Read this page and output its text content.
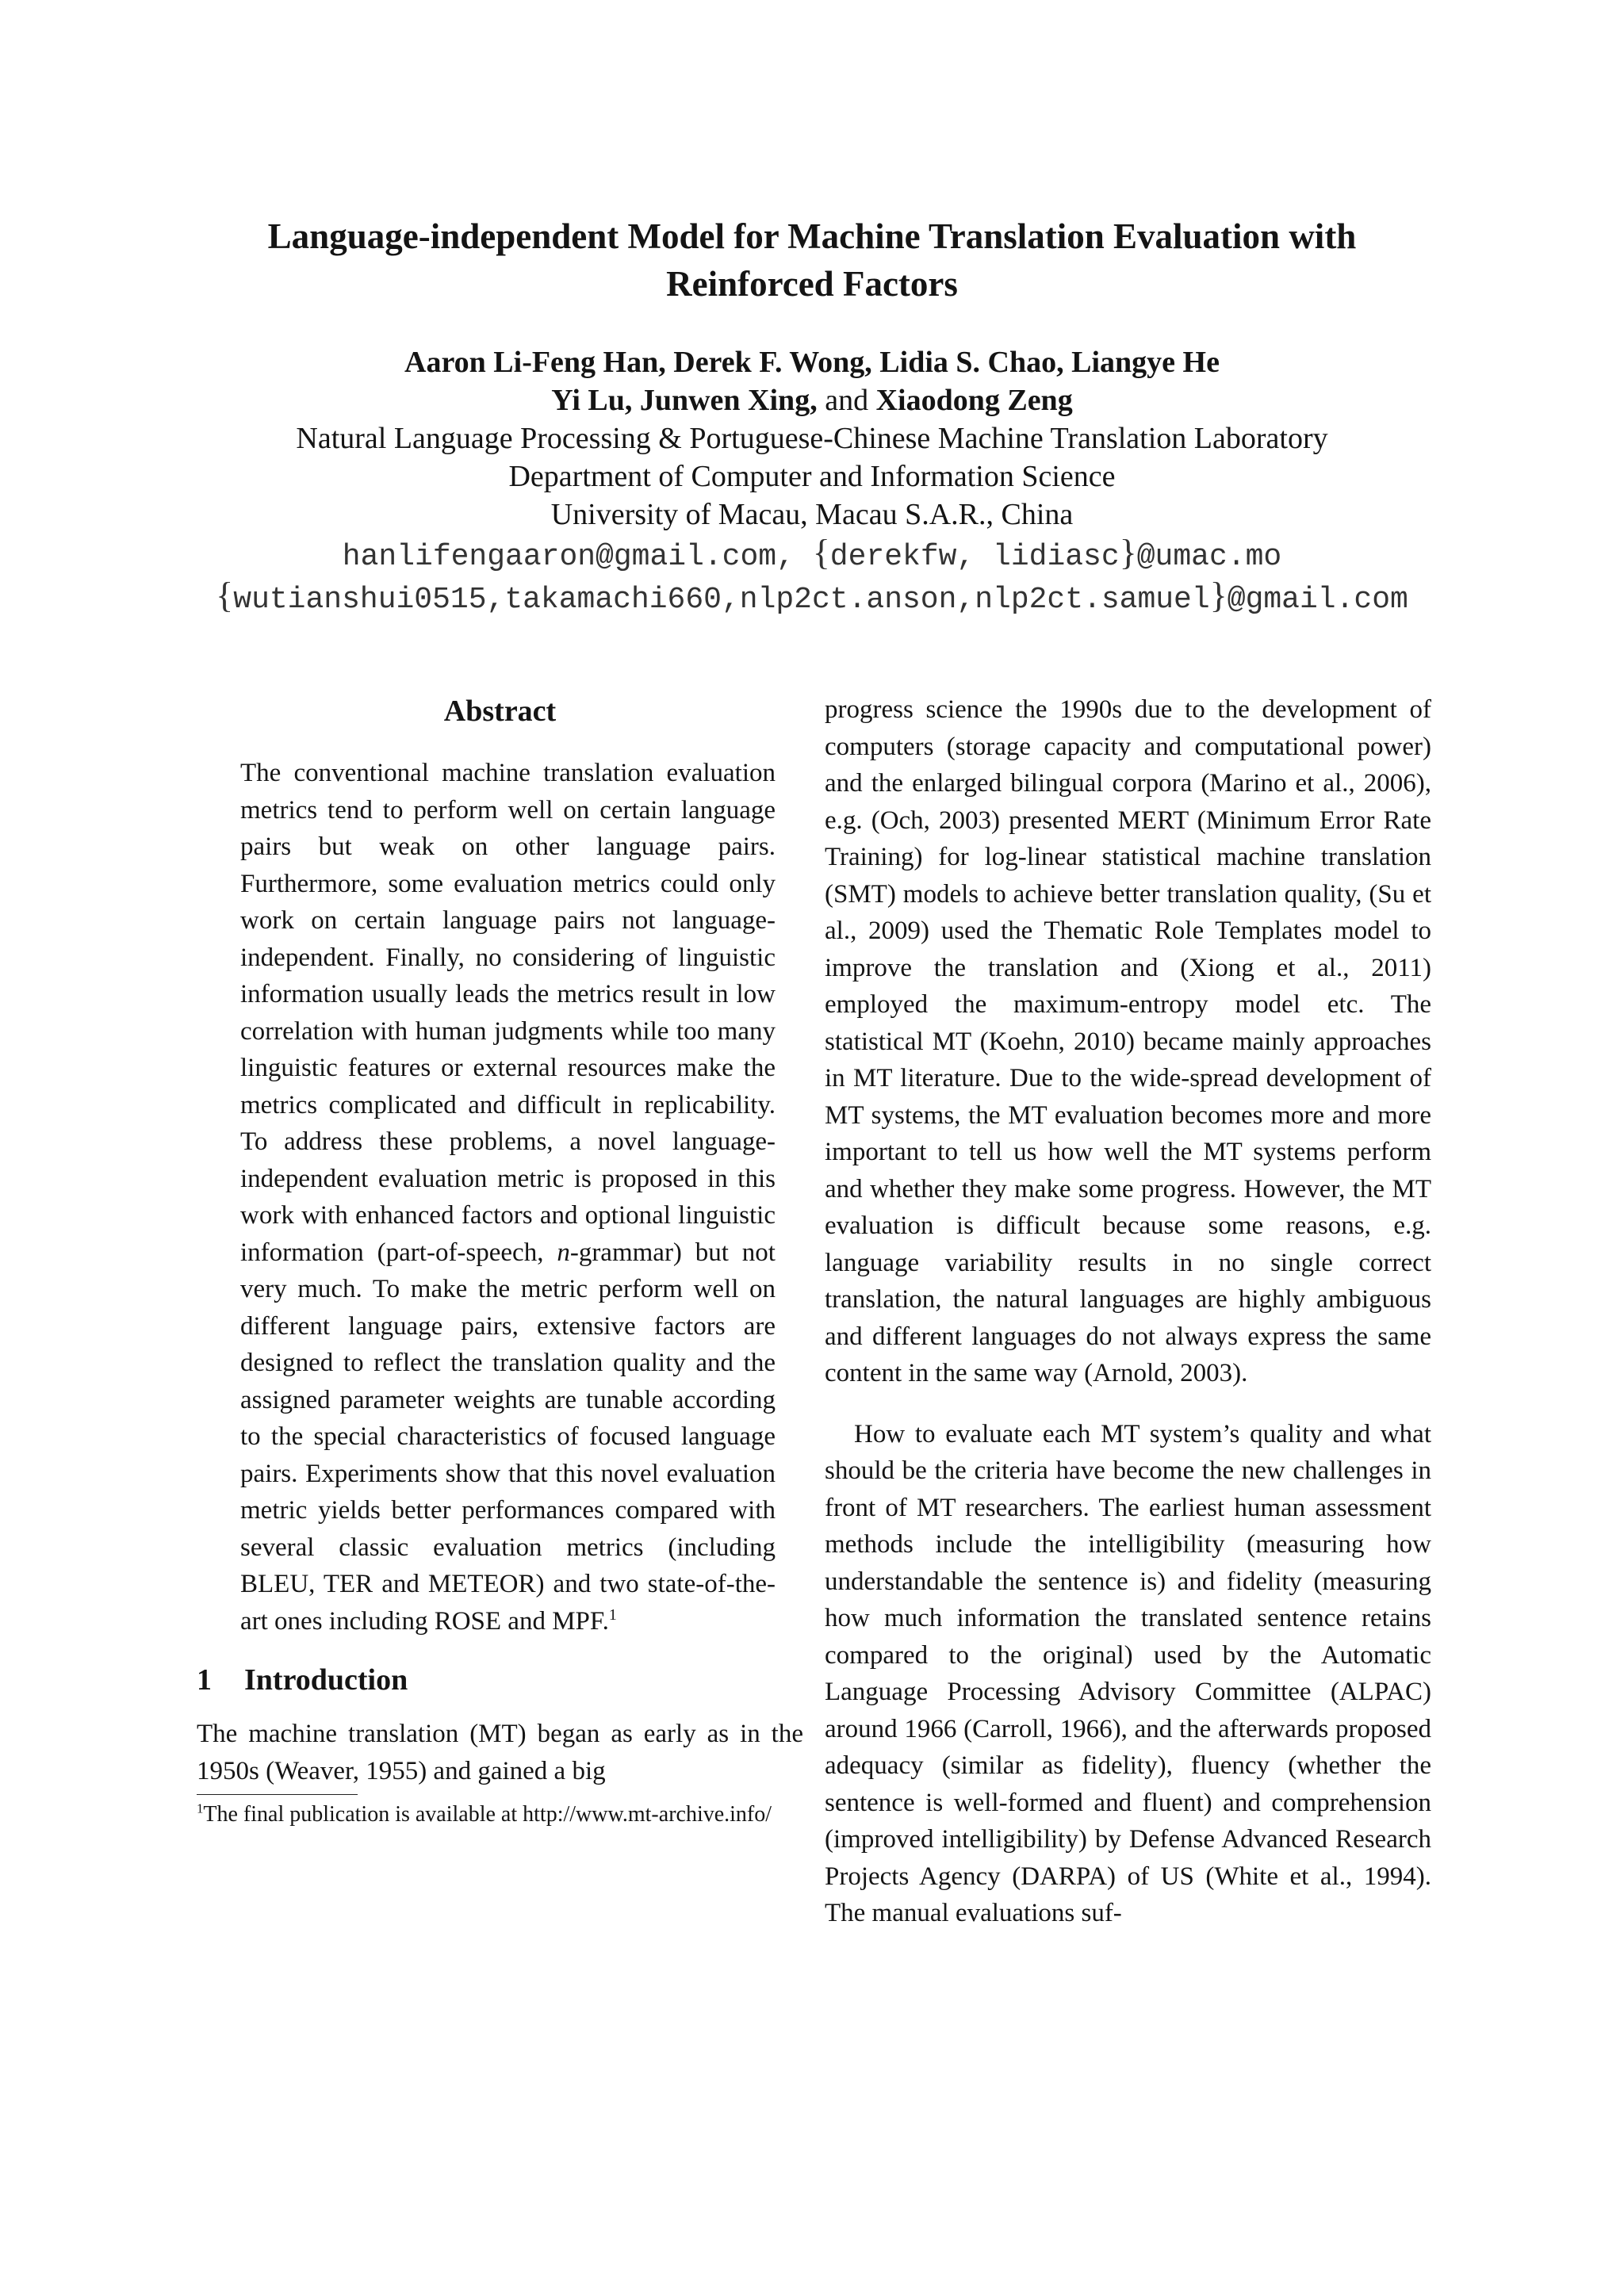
Language-independent Model for Machine Translation Evaluation with
Reinforced Factors
Aaron Li-Feng Han, Derek F. Wong, Lidia S. Chao, Liangye He
Yi Lu, Junwen Xing, and Xiaodong Zeng
Natural Language Processing & Portuguese-Chinese Machine Translation Laboratory
Department of Computer and Information Science
University of Macau, Macau S.A.R., China
hanlifengaaron@gmail.com, {derekfw, lidiasc}@umac.mo
{wutianshui0515,takamachi660,nlp2ct.anson,nlp2ct.samuel}@gmail.com
Abstract
The conventional machine translation evaluation metrics tend to perform well on certain language pairs but weak on other language pairs. Furthermore, some evaluation metrics could only work on certain language pairs not language-independent. Finally, no considering of linguistic information usually leads the metrics result in low correlation with human judgments while too many linguistic features or external resources make the metrics complicated and difficult in replicability. To address these problems, a novel language-independent evaluation metric is proposed in this work with enhanced factors and optional linguistic information (part-of-speech, n-grammar) but not very much. To make the metric perform well on different language pairs, extensive factors are designed to reflect the translation quality and the assigned parameter weights are tunable according to the special characteristics of focused language pairs. Experiments show that this novel evaluation metric yields better performances compared with several classic evaluation metrics (including BLEU, TER and METEOR) and two state-of-the-art ones including ROSE and MPF.$^1$
1 Introduction

The machine translation (MT) began as early as in the 1950s (Weaver, 1955) and gained a big

$^1$The final publication is available at http://www.mt-archive.info/

progress science the 1990s due to the development of computers (storage capacity and computational power) and the enlarged bilingual corpora (Marino et al., 2006), e.g. (Och, 2003) presented MERT (Minimum Error Rate Training) for log-linear statistical machine translation (SMT) models to achieve better translation quality, (Su et al., 2009) used the Thematic Role Templates model to improve the translation and (Xiong et al., 2011) employed the maximum-entropy model etc. The statistical MT (Koehn, 2010) became mainly approaches in MT literature. Due to the wide-spread development of MT systems, the MT evaluation becomes more and more important to tell us how well the MT systems perform and whether they make some progress. However, the MT evaluation is difficult because some reasons, e.g. language variability results in no single correct translation, the natural languages are highly ambiguous and different languages do not always express the same content in the same way (Arnold, 2003).

How to evaluate each MT system’s quality and what should be the criteria have become the new challenges in front of MT researchers. The earliest human assessment methods include the intelligibility (measuring how understandable the sentence is) and fidelity (measuring how much information the translated sentence retains compared to the original) used by the Automatic Language Processing Advisory Committee (ALPAC) around 1966 (Carroll, 1966), and the afterwards proposed adequacy (similar as fidelity), fluency (whether the sentence is well-formed and fluent) and comprehension (improved intelligibility) by Defense Advanced Research Projects Agency (DARPA) of US (White et al., 1994). The manual evaluations suf-
